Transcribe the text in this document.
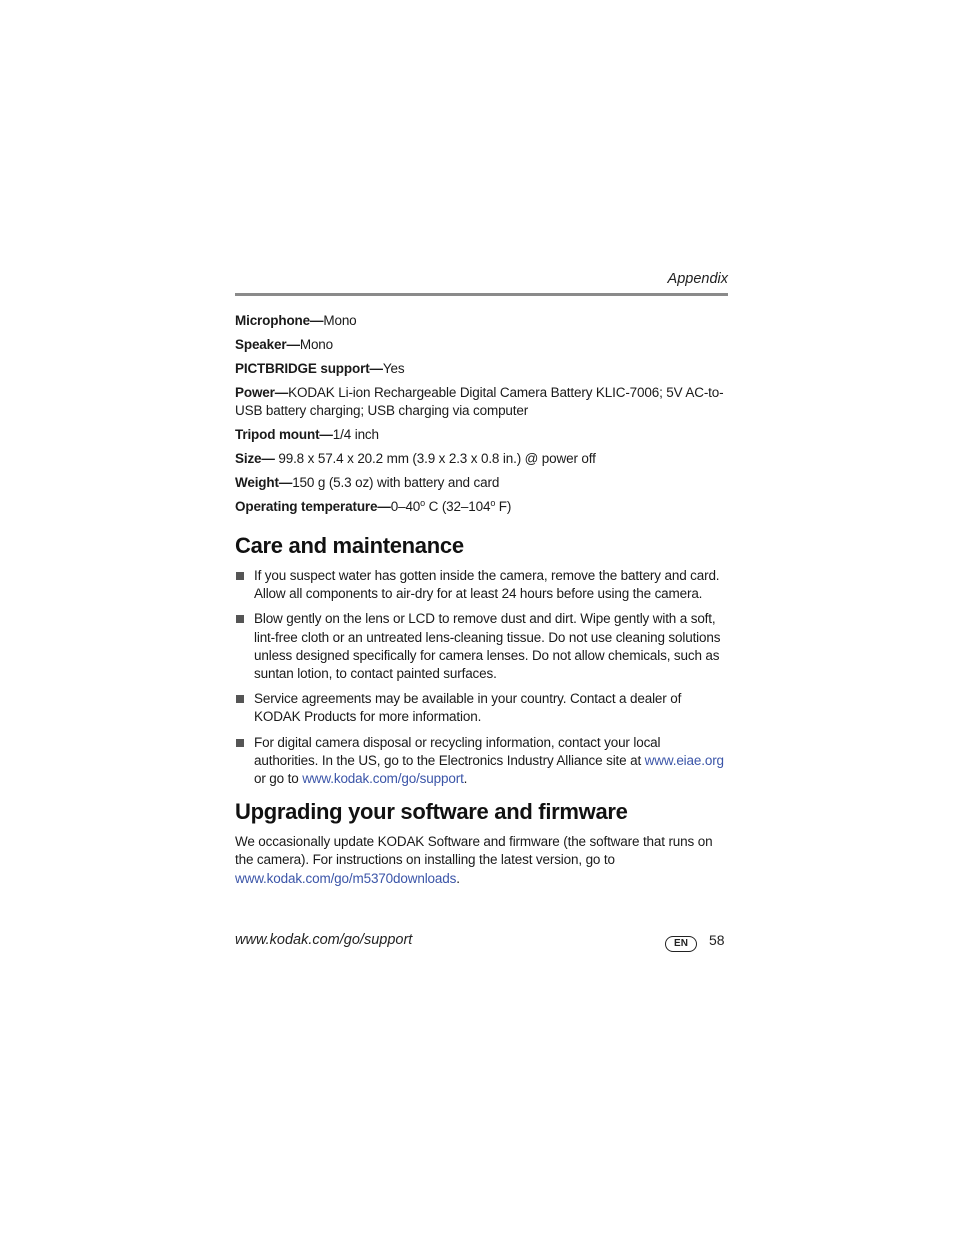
Appendix

Microphone—Mono

Speaker—Mono

PICTBRIDGE support—Yes

Power—KODAK Li-ion Rechargeable Digital Camera Battery KLIC-7006; 5V AC-to-USB battery charging; USB charging via computer

Tripod mount—1/4 inch

Size— 99.8 x 57.4 x 20.2 mm (3.9 x 2.3 x 0.8 in.) @ power off

Weight—150 g (5.3 oz) with battery and card

Operating temperature—0–40$^o$ C (32–104$^o$ F)

Care and maintenance
If you suspect water has gotten inside the camera, remove the battery and card. Allow all components to air-dry for at least 24 hours before using the camera.
Blow gently on the lens or LCD to remove dust and dirt. Wipe gently with a soft, lint-free cloth or an untreated lens-cleaning tissue. Do not use cleaning solutions unless designed specifically for camera lenses. Do not allow chemicals, such as suntan lotion, to contact painted surfaces.
Service agreements may be available in your country. Contact a dealer of KODAK Products for more information.
For digital camera disposal or recycling information, contact your local authorities. In the US, go to the Electronics Industry Alliance site at www.eiae.org or go to www.kodak.com/go/support.
Upgrading your software and firmware

We occasionally update KODAK Software and firmware (the software that runs on the camera). For instructions on installing the latest version, go to www.kodak.com/go/m5370downloads.

www.kodak.com/go/support	EN	58
